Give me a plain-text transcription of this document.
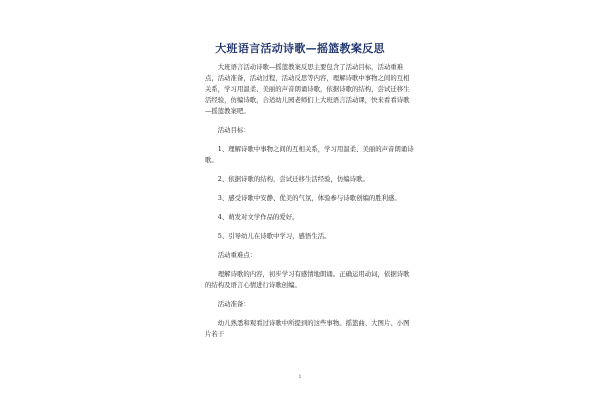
大班语言活动诗歌—摇篮教案反思

大班语言活动诗歌—摇篮教案反思主要包含了活动目标，活动重难点，活动准备，活动过程，活动反思等内容，理解诗歌中事物之间的互相关系，学习用温柔、美丽的声音朗诵诗歌，依据诗歌的结构，尝试迁移生活经验，仿编诗歌，合适幼儿园老师们上大班语言活动课，快来看看诗歌—摇篮教案吧。

活动目标：

1、理解诗歌中事物之间的互相关系，学习用温柔、美丽的声音朗诵诗歌。

2、依据诗歌的结构，尝试迁移生活经验，仿编诗歌。

3、感受诗歌中安静、优美的气氛，体验参与诗歌创编的胜利感。

4、萌发对文学作品的爱好。

5、引导幼儿在诗歌中学习，感悟生活。

活动重难点：

理解诗歌的内容，初步学习有感情地朗诵。正确运用动词，依据诗歌的结构及语言心情进行诗歌创编。

活动准备：

幼儿熟悉和观看过诗歌中所提到的这些事物。摇篮曲、大图片、小图片若干

1
